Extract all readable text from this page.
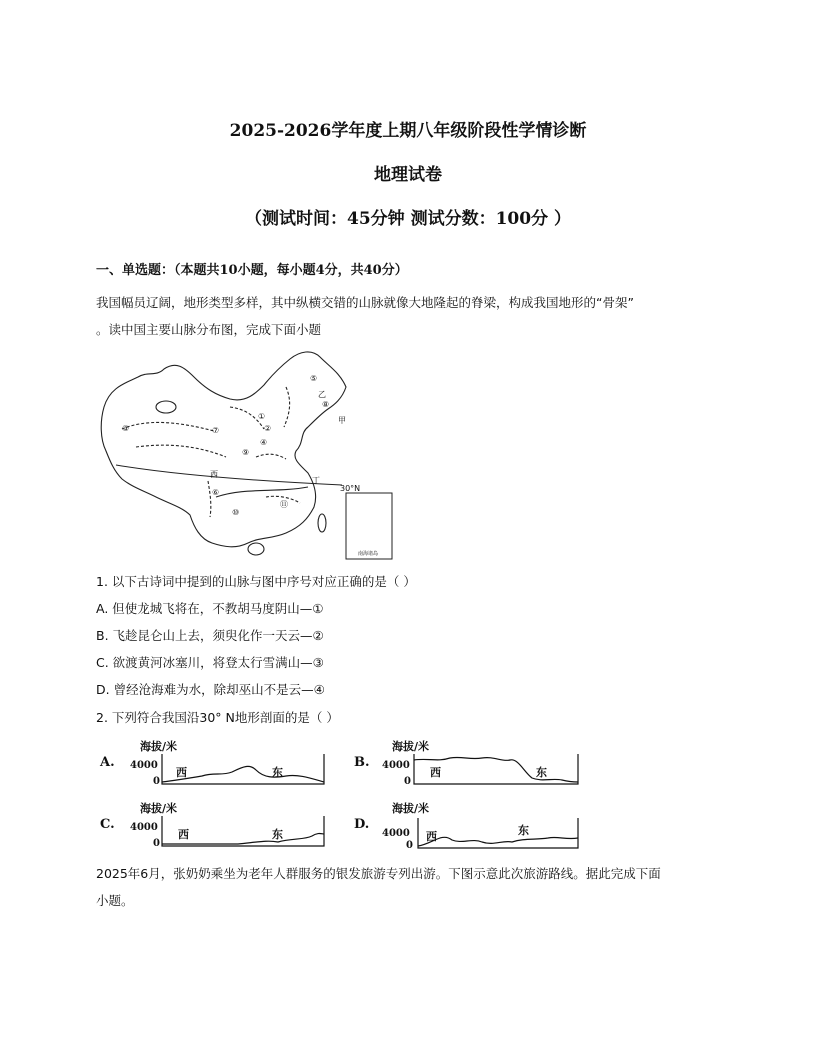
2025-2026学年度上期八年级阶段性学情诊断
地理试卷
（测试时间：45分钟 测试分数：100分 ）
一、单选题：（本题共10小题，每小题4分，共40分）
我国幅员辽阔，地形类型多样，其中纵横交错的山脉就像大地隆起的脊梁，构成我国地形的“骨架”
。读中国主要山脉分布图，完成下面小题
③
⑤
①
②
④
⑦
⑨
⑥
⑧
⑪
⑩
甲
乙
西
丁
30°N
南海诸岛
1. 以下古诗词中提到的山脉与图中序号对应正确的是（ ）
A. 但使龙城飞将在，不教胡马度阴山—①
B. 飞趁昆仑山上去，须臾化作一天云—②
C. 欲渡黄河冰塞川，将登太行雪满山—③
D. 曾经沧海难为水，除却巫山不是云—④
2. 下列符合我国沿30° N地形剖面的是（ ）
A.
海拔/米
4000
0
西	东
B.
海拔/米
4000
0
西	东
C.
海拔/米
4000
0
西	东
D.
海拔/米
4000
0
西	东
2025年6月，张奶奶乘坐为老年人群服务的银发旅游专列出游。下图示意此次旅游路线。据此完成下面
小题。
